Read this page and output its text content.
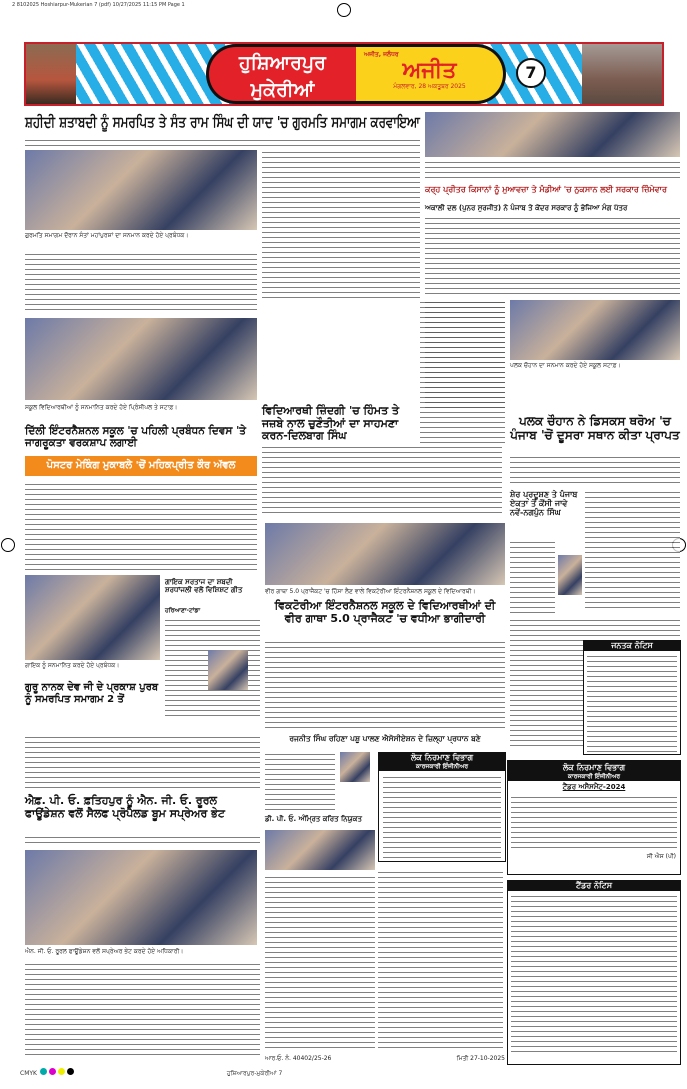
2 8102025 Hoshiarpur-Mukerian 7 (pdf) 10/27/2025 11:15 PM Page 1
ਹੁਸ਼ਿਆਰਪੁਰ
ਮੁਕੇਰੀਆਂ
ਅਜੀਤ, ਜਲੰਧਰ
ਅਜੀਤ
ਮੰਗਲਵਾਰ, 28 ਅਕਤੂਬਰ 2025
7
ਸ਼ਹੀਦੀ ਸ਼ਤਾਬਦੀ ਨੂੰ ਸਮਰਪਿਤ ਤੇ ਸੰਤ ਰਾਮ ਸਿੰਘ ਦੀ ਯਾਦ 'ਚ ਗੁਰਮਤਿ ਸਮਾਗਮ ਕਰਵਾਇਆ
ਗੁਰਮਤਿ ਸਮਾਗਮ ਦੌਰਾਨ ਸੰਤਾਂ ਮਹਾਂਪੁਰਸ਼ਾਂ ਦਾ ਸਨਮਾਨ ਕਰਦੇ ਹੋਏ ਪ੍ਰਬੰਧਕ।
ਕਰ੍ਹ ਪ੍ਰੀਤਰ ਕਿਸਾਨਾਂ ਨੂੰ ਮੁਆਵਜ਼ਾ ਤੇ ਮੰਡੀਆਂ 'ਚ ਨੁਕਸਾਨ ਲਈ ਸਰਕਾਰ ਜ਼ਿੰਮੇਵਾਰ
ਅਕਾਲੀ ਦਲ (ਪੁਨਰ ਸੁਰਜੀਤ) ਨੇ ਪੰਜਾਬ ਤੇ ਕੇਂਦਰ ਸਰਕਾਰ ਨੂੰ ਭੇਜਿਆ ਮੰਗ ਪੱਤਰ
ਪਲਕ ਚੌਹਾਨ ਦਾ ਸਨਮਾਨ ਕਰਦੇ ਹੋਏ ਸਕੂਲ ਸਟਾਫ਼।
ਸਕੂਲ ਵਿਦਿਆਰਥੀਆਂ ਨੂੰ ਸਨਮਾਨਿਤ ਕਰਦੇ ਹੋਏ ਪ੍ਰਿੰਸੀਪਲ ਤੇ ਸਟਾਫ਼।
ਦਿੱਲੀ ਇੰਟਰਨੈਸ਼ਨਲ ਸਕੂਲ 'ਚ ਪਹਿਲੀ ਪ੍ਰਬੰਧਨ ਦਿਵਸ 'ਤੇ ਜਾਗਰੂਕਤਾ ਵਰਕਸ਼ਾਪ ਲਗਾਈ
ਪੋਸਟਰ ਮੇਕਿੰਗ ਮੁਕਾਬਲੇ 'ਚੋਂ ਮਹਿਕਪ੍ਰੀਤ ਕੌਰ ਅੱਵਲ
ਵਿਦਿਆਰਥੀ ਜ਼ਿੰਦਗੀ 'ਚ ਹਿੰਮਤ ਤੇ ਜਜ਼ਬੇ ਨਾਲ ਚੁਣੌਤੀਆਂ ਦਾ ਸਾਹਮਣਾ ਕਰਨ-ਦਿਲਬਾਗ ਸਿੰਘ
ਪਲਕ ਚੌਹਾਨ ਨੇ ਡਿਸਕਸ ਥਰੋਅ 'ਚ ਪੰਜਾਬ 'ਚੋਂ ਦੂਸਰਾ ਸਥਾਨ ਕੀਤਾ ਪ੍ਰਾਪਤ
ਸ਼ੇਰ ਪ੍ਰਦੂਸ਼ਣ ਤੇ ਪੰਜਾਬ ਏਕਤਾ ਤੋਂ ਕੌਂਸੀ ਜਾਵੇ ਨਵੇਂ-ਨਗਪੁੰਨ ਸਿੰਘ
ਵੀਰ ਗਾਥਾ 5.0 ਪ੍ਰਾਜੈਕਟ 'ਚ ਹਿੱਸਾ ਲੈਣ ਵਾਲੇ ਵਿਕਟੋਰੀਆ ਇੰਟਰਨੈਸ਼ਨਲ ਸਕੂਲ ਦੇ ਵਿਦਿਆਰਥੀ।
ਵਿਕਟੋਰੀਆ ਇੰਟਰਨੈਸ਼ਨਲ ਸਕੂਲ ਦੇ ਵਿਦਿਆਰਥੀਆਂ ਦੀ ਵੀਰ ਗਾਥਾ 5.0 ਪ੍ਰਾਜੈਕਟ 'ਚ ਵਧੀਆ ਭਾਗੀਦਾਰੀ
ਗਾਇਕ ਨੂੰ ਸਨਮਾਨਿਤ ਕਰਦੇ ਹੋਏ ਪ੍ਰਬੰਧਕ।
ਗਾਇਕ ਸਰਤਾਜ ਦਾ ਸ਼ਬਦੀ ਸ਼ਰਧਾਂਜਲੀ ਵਲੋਂ ਵਿਸ਼ਿਸ਼ਟ ਗੀਤ
ਹਰਿਆਣਾ-ਟਾਂਡਾ
ਗੁਰੂ ਨਾਨਕ ਦੇਵ ਜੀ ਦੇ ਪ੍ਰਕਾਸ਼ ਪੁਰਬ ਨੂੰ ਸਮਰਪਿਤ ਸਮਾਗਮ 2 ਤੋਂ
ਰਜਨੀਤ ਸਿੰਘ ਰਹਿਣਾ ਪਸ਼ੂ ਪਾਲਣ ਐਸੋਸੀਏਸ਼ਨ ਦੇ ਜ਼ਿਲ੍ਹਾ ਪ੍ਰਧਾਨ ਬਣੇ
ਡੀ. ਪੀ. ਓ. ਅੰਮ੍ਰਿਤ ਕਰਿਤ ਨਿਯੁਕਤ
ਲੋਕ ਨਿਰਮਾਣ ਵਿਭਾਗ
ਕਾਰਜਕਾਰੀ ਇੰਜੀਨੀਅਰ
ਜਨਤਕ ਨੋਟਿਸ
ਲੋਕ ਨਿਰਮਾਣ ਵਿਭਾਗ
ਕਾਰਜਕਾਰੀ ਇੰਜੀਨੀਅਰ
ਟੈਂਡਰ ਅਸੈਸਮੈਂਟ-2024
ਸੀ ਐਸ (ਪੀ)
ਟੈਂਡਰ ਨੋਟਿਸ
ਆਰ.ਓ. ਨੰ. 40402/25-26	ਮਿਤੀ 27-10-2025
ਐਫ਼. ਪੀ. ਓ. ਫ਼ਤਿਹਪੁਰ ਨੂੰ ਐਨ. ਜੀ. ਓ. ਰੂਰਲ ਫਾਊਂਡੇਸ਼ਨ ਵਲੋਂ ਸੈਲਫ ਪ੍ਰੋਪੈਲਡ ਬੂਮ ਸਪ੍ਰੇਅਰ ਭੇਟ
ਐਨ. ਜੀ. ਓ. ਰੂਰਲ ਫਾਊਂਡੇਸ਼ਨ ਵਲੋਂ ਸਪ੍ਰੇਅਰ ਭੇਟ ਕਰਦੇ ਹੋਏ ਅਧਿਕਾਰੀ।
CMYK	ਹੁਸ਼ਿਆਰਪੁਰ-ਮੁਕੇਰੀਆਂ 7
